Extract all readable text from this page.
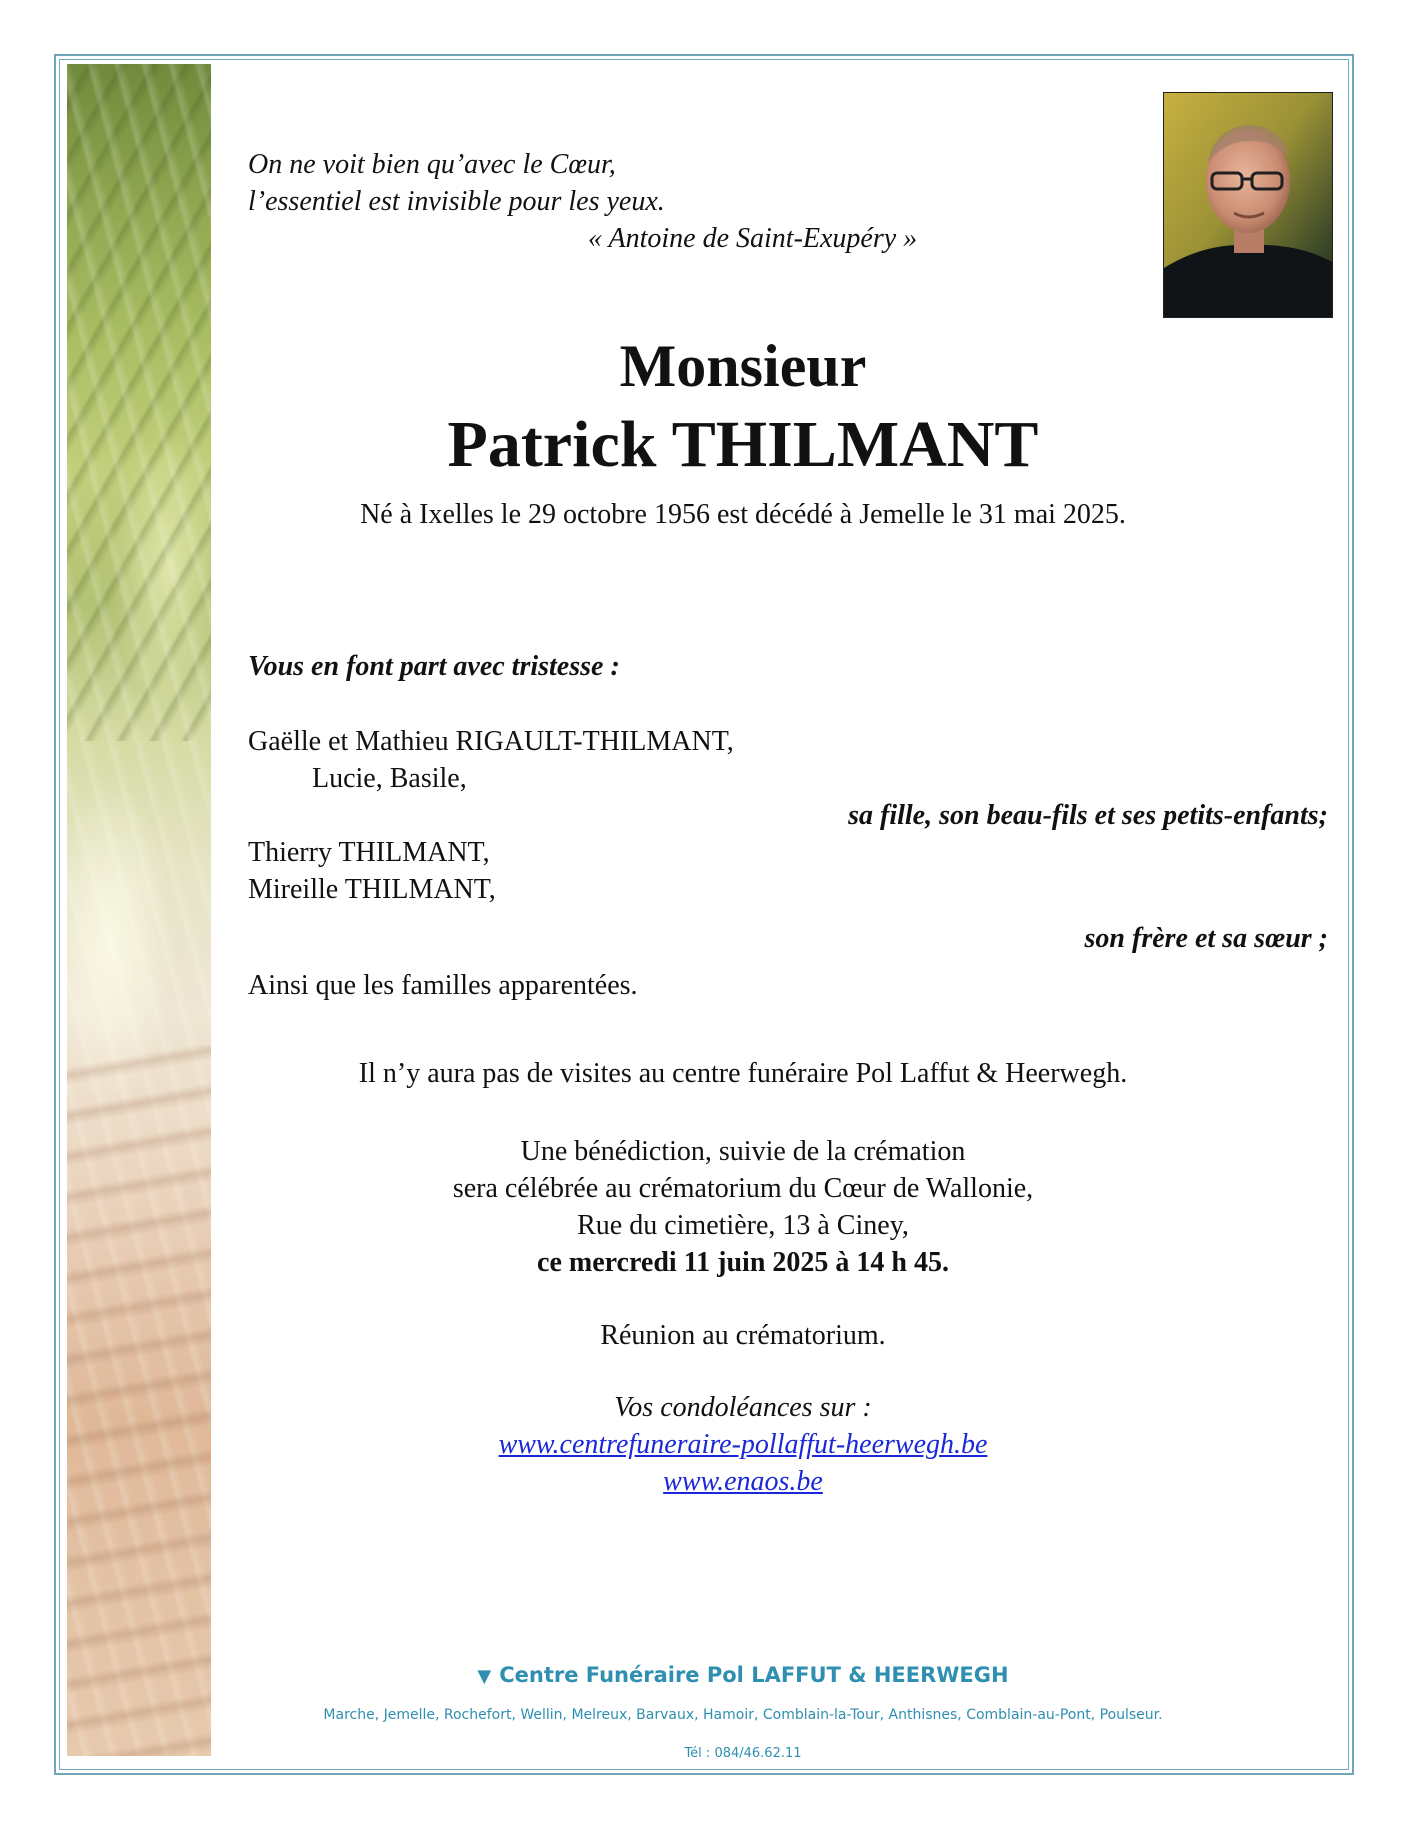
On ne voit bien qu’avec le Cœur,
l’essentiel est invisible pour les yeux.
« Antoine de Saint-Exupéry »
Monsieur
Patrick THILMANT
Né à Ixelles le 29 octobre 1956 est décédé à Jemelle le 31 mai 2025.
Vous en font part avec tristesse :
Gaëlle et Mathieu RIGAULT-THILMANT,
Lucie, Basile,
sa fille, son beau-fils et ses petits-enfants;
Thierry THILMANT,
Mireille THILMANT,
son frère et sa sœur ;
Ainsi que les familles apparentées.
Il n’y aura pas de visites au centre funéraire Pol Laffut & Heerwegh.
Une bénédiction, suivie de la crémation
sera célébrée au crématorium du Cœur de Wallonie,
Rue du cimetière, 13 à Ciney,
ce mercredi 11 juin 2025 à 14 h 45.
Réunion au crématorium.
Vos condoléances sur :
www.centrefuneraire-pollaffut-heerwegh.be
www.enaos.be
▼ Centre Funéraire Pol LAFFUT & HEERWEGH
Marche, Jemelle, Rochefort, Wellin, Melreux, Barvaux, Hamoir, Comblain-la-Tour, Anthisnes, Comblain-au-Pont, Poulseur.
Tél : 084/46.62.11
